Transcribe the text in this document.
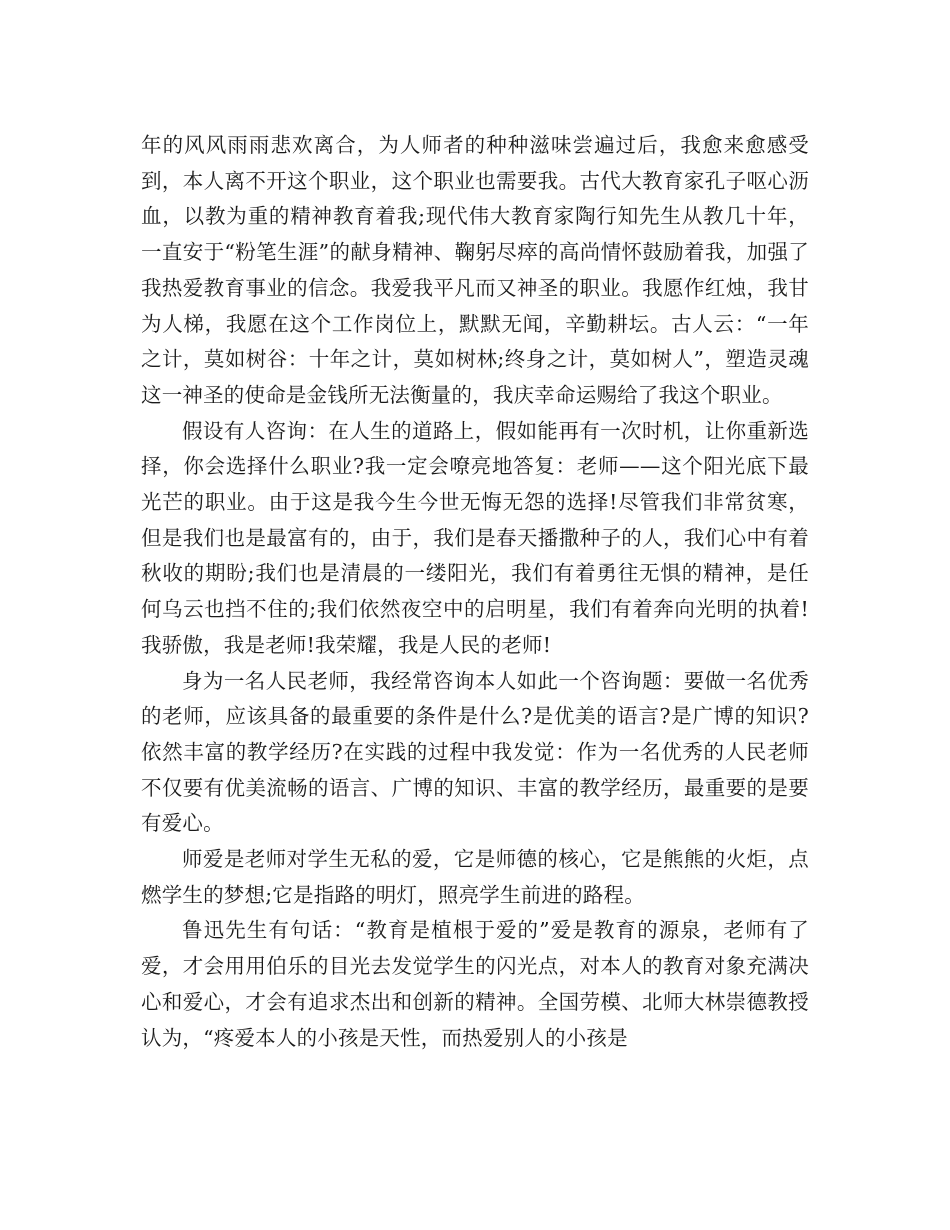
年的风风雨雨悲欢离合，为人师者的种种滋味尝遍过后，我愈来愈感受到，本人离不开这个职业，这个职业也需要我。古代大教育家孔子呕心沥血，以教为重的精神教育着我;现代伟大教育家陶行知先生从教几十年，一直安于“粉笔生涯”的献身精神、鞠躬尽瘁的高尚情怀鼓励着我，加强了我热爱教育事业的信念。我爱我平凡而又神圣的职业。我愿作红烛，我甘为人梯，我愿在这个工作岗位上，默默无闻，辛勤耕坛。古人云：“一年之计，莫如树谷：十年之计，莫如树林;终身之计，莫如树人”，塑造灵魂这一神圣的使命是金钱所无法衡量的，我庆幸命运赐给了我这个职业。

假设有人咨询：在人生的道路上，假如能再有一次时机，让你重新选择，你会选择什么职业?我一定会嘹亮地答复：老师——这个阳光底下最光芒的职业。由于这是我今生今世无悔无怨的选择!尽管我们非常贫寒，但是我们也是最富有的，由于，我们是春天播撒种子的人，我们心中有着秋收的期盼;我们也是清晨的一缕阳光，我们有着勇往无惧的精神，是任何乌云也挡不住的;我们依然夜空中的启明星，我们有着奔向光明的执着!我骄傲，我是老师!我荣耀，我是人民的老师!

身为一名人民老师，我经常咨询本人如此一个咨询题：要做一名优秀的老师，应该具备的最重要的条件是什么?是优美的语言?是广博的知识?依然丰富的教学经历?在实践的过程中我发觉：作为一名优秀的人民老师不仅要有优美流畅的语言、广博的知识、丰富的教学经历，最重要的是要有爱心。

师爱是老师对学生无私的爱，它是师德的核心，它是熊熊的火炬，点燃学生的梦想;它是指路的明灯，照亮学生前进的路程。

鲁迅先生有句话：“教育是植根于爱的”爱是教育的源泉，老师有了爱，才会用用伯乐的目光去发觉学生的闪光点，对本人的教育对象充满决心和爱心，才会有追求杰出和创新的精神。全国劳模、北师大林崇德教授认为，“疼爱本人的小孩是天性，而热爱别人的小孩是
